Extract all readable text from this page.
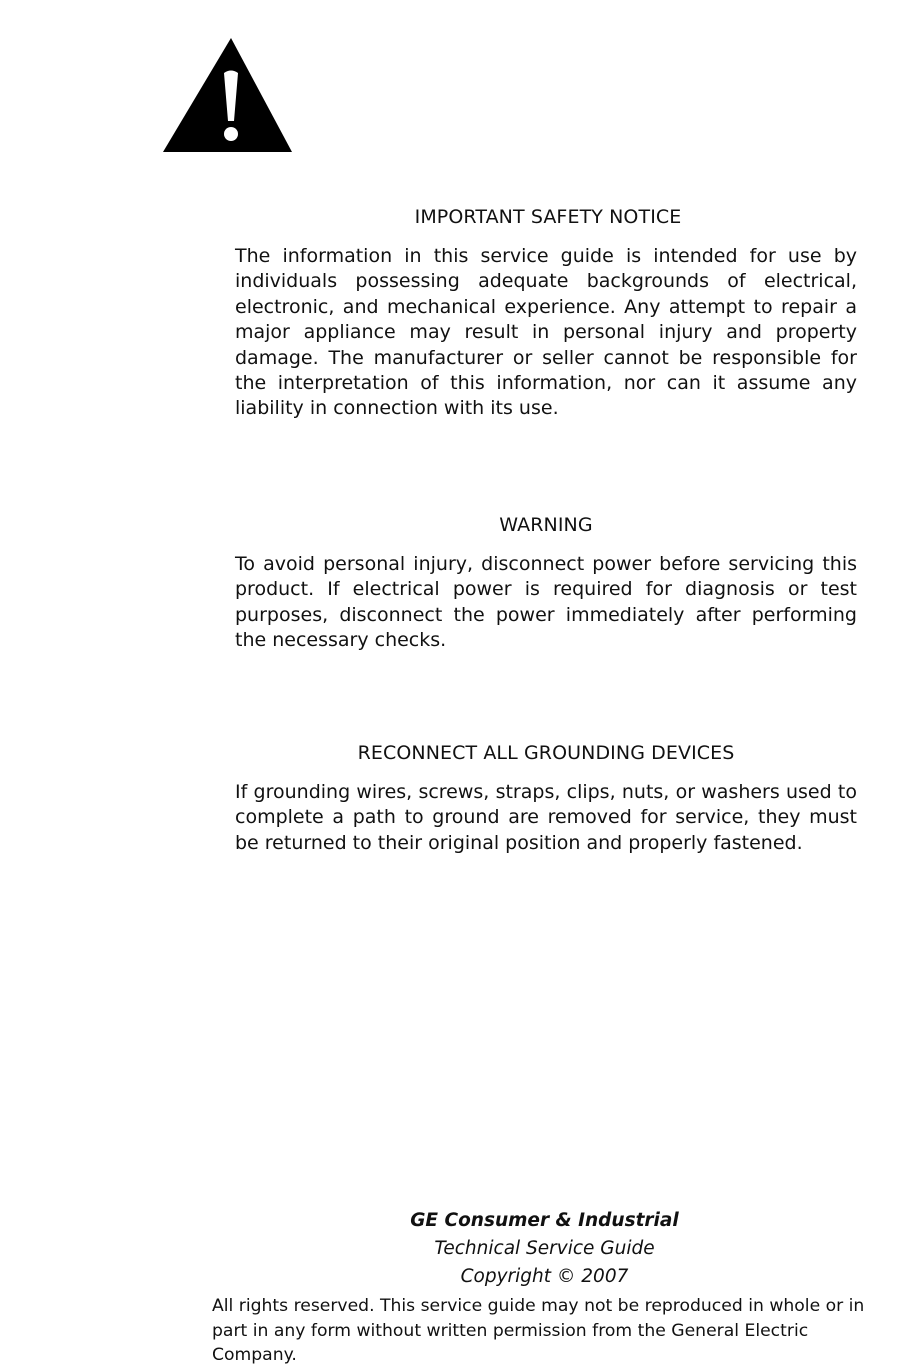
IMPORTANT SAFETY NOTICE

The information in this service guide is intended for use by individuals possessing adequate backgrounds of electrical, electronic, and mechanical experience. Any attempt to repair a major appliance may result in personal injury and property damage. The manufacturer or seller cannot be responsible for the interpretation of this information, nor can it assume any liability in connection with its use.

WARNING

To avoid personal injury, disconnect power before servicing this product. If electrical power is required for diagnosis or test purposes, disconnect the power immediately after performing the necessary checks.

RECONNECT ALL GROUNDING DEVICES

If grounding wires, screws, straps, clips, nuts, or washers used to complete a path to ground are removed for service, they must be returned to their original position and properly fastened.

GE Consumer & Industrial
Technical Service Guide
Copyright © 2007

All rights reserved. This service guide may not be reproduced in whole or in part in any form without written permission from the General Electric Company.
